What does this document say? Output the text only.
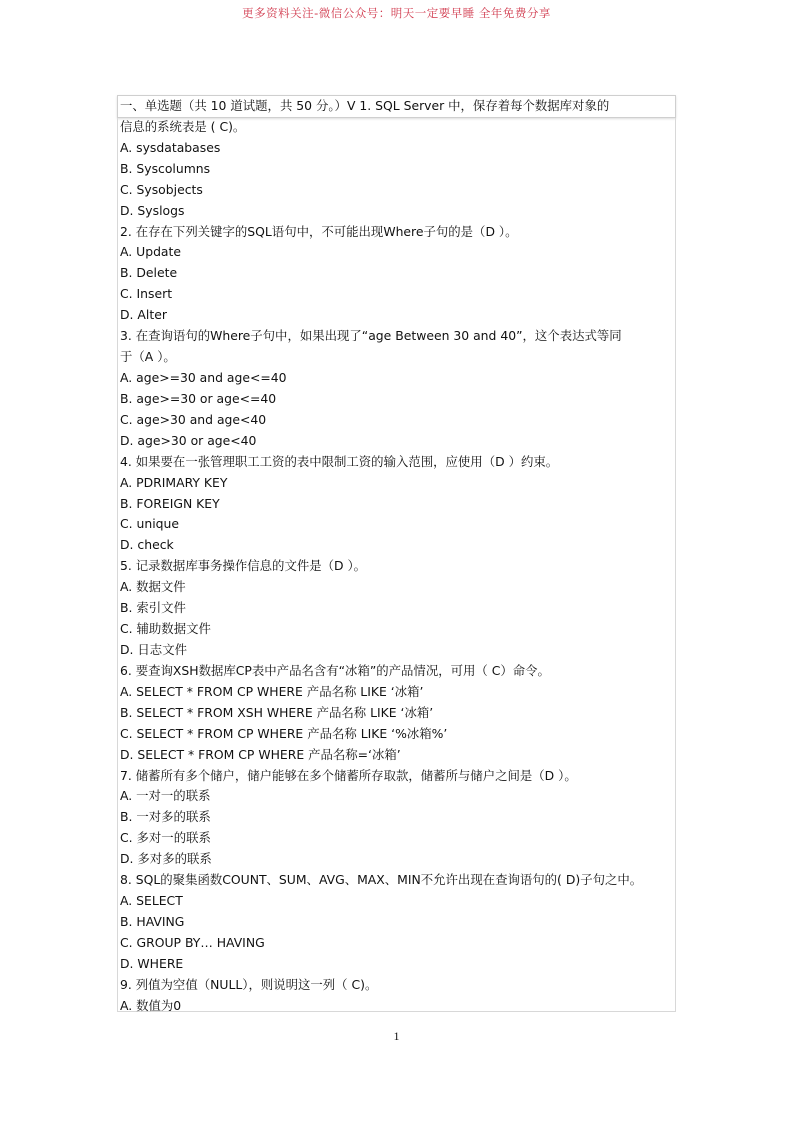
更多资料关注-微信公众号：明天一定要早睡 全年免费分享
一、单选题（共 10 道试题，共 50 分。）V 1. SQL Server 中，保存着每个数据库对象的
信息的系统表是 ( C)。
A. sysdatabases
B. Syscolumns
C. Sysobjects
D. Syslogs
2. 在存在下列关键字的SQL语句中，不可能出现Where子句的是（D ）。
A. Update
B. Delete
C. Insert
D. Alter
3. 在查询语句的Where子句中，如果出现了“age Between 30 and 40”，这个表达式等同
于（A ）。
A. age>=30 and age<=40
B. age>=30 or age<=40
C. age>30 and age<40
D. age>30 or age<40
4. 如果要在一张管理职工工资的表中限制工资的输入范围，应使用（D ）约束。
A. PDRIMARY KEY
B. FOREIGN KEY
C. unique
D. check
5. 记录数据库事务操作信息的文件是（D ）。
A. 数据文件
B. 索引文件
C. 辅助数据文件
D. 日志文件
6. 要查询XSH数据库CP表中产品名含有“冰箱”的产品情况，可用（ C）命令。
A. SELECT * FROM CP WHERE 产品名称 LIKE ‘冰箱’
B. SELECT * FROM XSH WHERE 产品名称 LIKE ‘冰箱’
C. SELECT * FROM CP WHERE 产品名称 LIKE ‘%冰箱%’
D. SELECT * FROM CP WHERE 产品名称=‘冰箱’
7. 储蓄所有多个储户，储户能够在多个储蓄所存取款，储蓄所与储户之间是（D ）。
A. 一对一的联系
B. 一对多的联系
C. 多对一的联系
D. 多对多的联系
8. SQL的聚集函数COUNT、SUM、AVG、MAX、MIN不允许出现在查询语句的( D)子句之中。
A. SELECT
B. HAVING
C. GROUP BY… HAVING
D. WHERE
9. 列值为空值（NULL），则说明这一列（ C)。
A. 数值为0
1
